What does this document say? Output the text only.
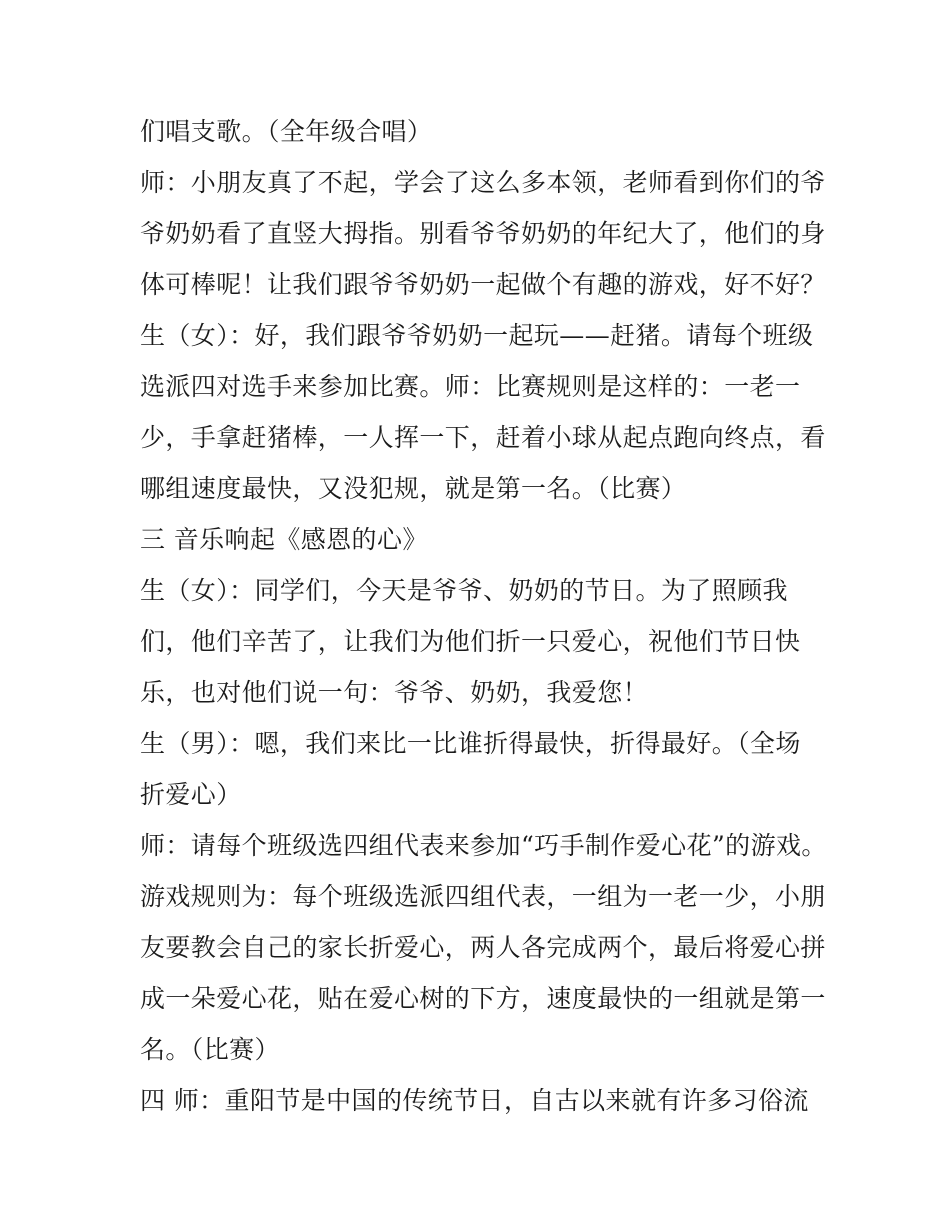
们唱支歌。（全年级合唱）
师：小朋友真了不起，学会了这么多本领，老师看到你们的爷
爷奶奶看了直竖大拇指。别看爷爷奶奶的年纪大了，他们的身
体可棒呢！让我们跟爷爷奶奶一起做个有趣的游戏，好不好？
生（女）：好，我们跟爷爷奶奶一起玩——赶猪。请每个班级
选派四对选手来参加比赛。师：比赛规则是这样的：一老一
少，手拿赶猪棒，一人挥一下，赶着小球从起点跑向终点，看
哪组速度最快，又没犯规，就是第一名。（比赛）
三 音乐响起《感恩的心》
生（女）：同学们，今天是爷爷、奶奶的节日。为了照顾我
们，他们辛苦了，让我们为他们折一只爱心，祝他们节日快
乐，也对他们说一句：爷爷、奶奶，我爱您！
生（男）：嗯，我们来比一比谁折得最快，折得最好。（全场
折爱心）
师：请每个班级选四组代表来参加“巧手制作爱心花”的游戏。
游戏规则为：每个班级选派四组代表，一组为一老一少，小朋
友要教会自己的家长折爱心，两人各完成两个，最后将爱心拼
成一朵爱心花，贴在爱心树的下方，速度最快的一组就是第一
名。（比赛）
四 师：重阳节是中国的传统节日，自古以来就有许多习俗流
